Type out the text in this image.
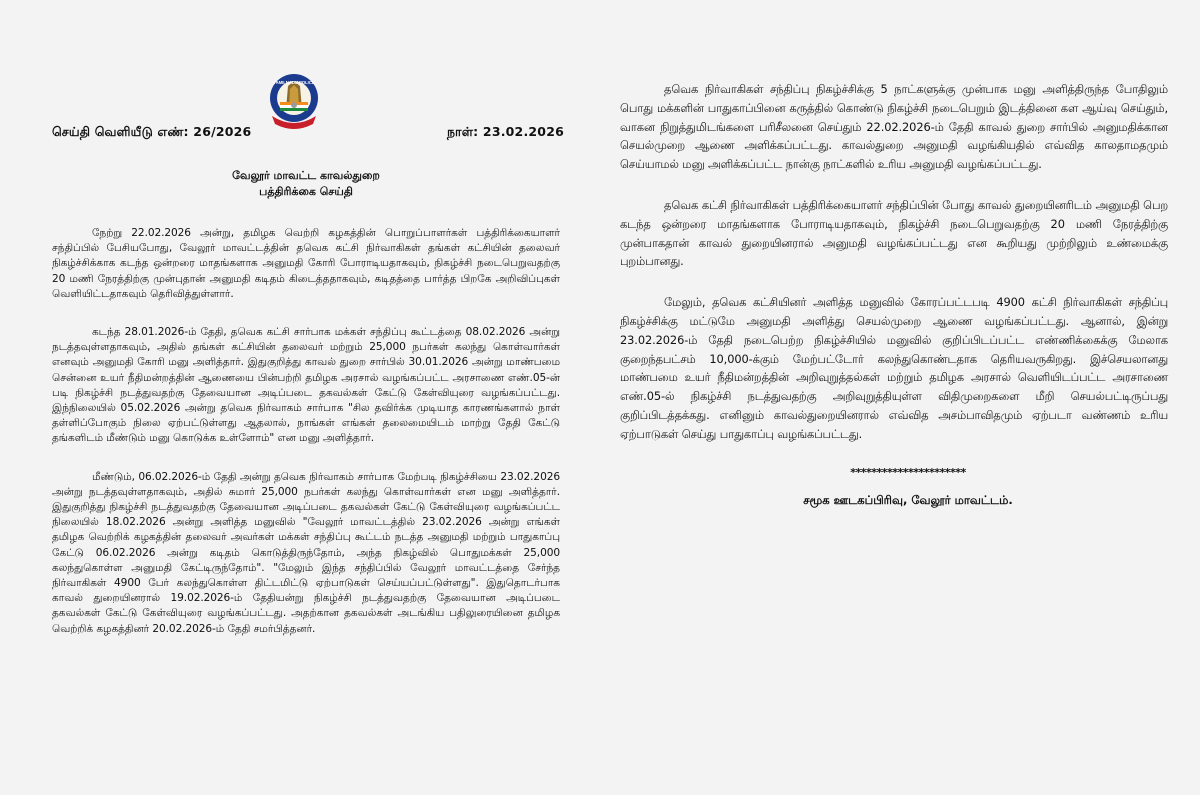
செய்தி வெளியீடு எண்: 26/2026
TAMILNADU POLICE
நாள்: 23.02.2026
வேலூர் மாவட்ட காவல்துறை
பத்திரிக்கை செய்தி

நேற்று 22.02.2026 அன்று, தமிழக வெற்றி கழகத்தின் பொறுப்பாளர்கள் பத்திரிக்கையாளர் சந்திப்பில் பேசியபோது, வேலூர் மாவட்டத்தின் தவெக கட்சி நிர்வாகிகள் தங்கள் கட்சியின் தலைவர் நிகழ்ச்சிக்காக கடந்த ஒன்றரை மாதங்களாக அனுமதி கோரி போராடியதாகவும், நிகழ்ச்சி நடைபெறுவதற்கு 20 மணி நேரத்திற்கு முன்புதான் அனுமதி கடிதம் கிடைத்ததாகவும், கடிதத்தை பார்த்த பிறகே அறிவிப்புகள் வெளியிட்டதாகவும் தெரிவித்துள்ளார்.

கடந்த 28.01.2026-ம் தேதி, தவெக கட்சி சார்பாக மக்கள் சந்திப்பு கூட்டத்தை 08.02.2026 அன்று நடத்தவுள்ளதாகவும், அதில் தங்கள் கட்சியின் தலைவர் மற்றும் 25,000 நபர்கள் கலந்து கொள்வார்கள் எனவும் அனுமதி கோரி மனு அளித்தார். இதுகுறித்து காவல் துறை சார்பில் 30.01.2026 அன்று மாண்பமை சென்னை உயர் நீதிமன்றத்தின் ஆணையை பின்பற்றி தமிழக அரசால் வழங்கப்பட்ட அரசாணை எண்.05-ன் படி நிகழ்ச்சி நடத்துவதற்கு தேவையான அடிப்படை தகவல்கள் கேட்டு கேள்வியுரை வழங்கப்பட்டது. இந்நிலையில் 05.02.2026 அன்று தவெக நிர்வாகம் சார்பாக "சில தவிர்க்க முடியாத காரணங்களால் நாள் தள்ளிப்போகும் நிலை ஏற்பட்டுள்ளது ஆதலால், நாங்கள் எங்கள் தலைமையிடம் மாற்று தேதி கேட்டு தங்களிடம் மீண்டும் மனு கொடுக்க உள்ளோம்" என மனு அளித்தார்.

மீண்டும், 06.02.2026-ம் தேதி அன்று தவெக நிர்வாகம் சார்பாக மேற்படி நிகழ்ச்சியை 23.02.2026 அன்று நடத்தவுள்ளதாகவும், அதில் சுமார் 25,000 நபர்கள் கலந்து கொள்வார்கள் என மனு அளித்தார். இதுகுறித்து நிகழ்ச்சி நடத்துவதற்கு தேவையான அடிப்படை தகவல்கள் கேட்டு கேள்வியுரை வழங்கப்பட்ட நிலையில் 18.02.2026 அன்று அளித்த மனுவில் "வேலூர் மாவட்டத்தில் 23.02.2026 அன்று எங்கள் தமிழக வெற்றிக் கழகத்தின் தலைவர் அவர்கள் மக்கள் சந்திப்பு கூட்டம் நடத்த அனுமதி மற்றும் பாதுகாப்பு கேட்டு 06.02.2026 அன்று கடிதம் கொடுத்திருந்தோம், அந்த நிகழ்வில் பொதுமக்கள் 25,000 கலந்துகொள்ள அனுமதி கேட்டிருந்தோம்". "மேலும் இந்த சந்திப்பில் வேலூர் மாவட்டத்தை சேர்ந்த நிர்வாகிகள் 4900 பேர் கலந்துகொள்ள திட்டமிட்டு ஏற்பாடுகள் செய்யப்பட்டுள்ளது". இதுதொடர்பாக காவல் துறையினரால் 19.02.2026-ம் தேதியன்று நிகழ்ச்சி நடத்துவதற்கு தேவையான அடிப்படை தகவல்கள் கேட்டு கேள்வியுரை வழங்கப்பட்டது. அதற்கான தகவல்கள் அடங்கிய பதிலுரையினை தமிழக வெற்றிக் கழகத்தினர் 20.02.2026-ம் தேதி சமர்பித்தனர்.

தவெக நிர்வாகிகள் சந்திப்பு நிகழ்ச்சிக்கு 5 நாட்களுக்கு முன்பாக மனு அளித்திருந்த போதிலும் பொது மக்களின் பாதுகாப்பினை கருத்தில் கொண்டு நிகழ்ச்சி நடைபெறும் இடத்தினை கள ஆய்வு செய்தும், வாகன நிறுத்துமிடங்களை பரிசீலனை செய்தும் 22.02.2026-ம் தேதி காவல் துறை சார்பில் அனுமதிக்கான செயல்முறை ஆணை அளிக்கப்பட்டது. காவல்துறை அனுமதி வழங்கியதில் எவ்வித காலதாமதமும் செய்யாமல் மனு அளிக்கப்பட்ட நான்கு நாட்களில் உரிய அனுமதி வழங்கப்பட்டது.

தவெக கட்சி நிர்வாகிகள் பத்திரிக்கையாளர் சந்திப்பின் போது காவல் துறையினரிடம் அனுமதி பெற கடந்த ஒன்றரை மாதங்களாக போராடியதாகவும், நிகழ்ச்சி நடைபெறுவதற்கு 20 மணி நேரத்திற்கு முன்பாகதான் காவல் துறையினரால் அனுமதி வழங்கப்பட்டது என கூறியது முற்றிலும் உண்மைக்கு புறம்பானது.

மேலும், தவெக கட்சியினர் அளித்த மனுவில் கோரப்பட்டபடி 4900 கட்சி நிர்வாகிகள் சந்திப்பு நிகழ்ச்சிக்கு மட்டுமே அனுமதி அளித்து செயல்முறை ஆணை வழங்கப்பட்டது. ஆனால், இன்று 23.02.2026-ம் தேதி நடைபெற்ற நிகழ்ச்சியில் மனுவில் குறிப்பிடப்பட்ட எண்ணிக்கைக்கு மேலாக குறைந்தபட்சம் 10,000-க்கும் மேற்பட்டோர் கலந்துகொண்டதாக தெரியவருகிறது. இச்செயலானது மாண்பமை உயர் நீதிமன்றத்தின் அறிவுறுத்தல்கள் மற்றும் தமிழக அரசால் வெளியிடப்பட்ட அரசாணை எண்.05-ல் நிகழ்ச்சி நடத்துவதற்கு அறிவுறுத்தியுள்ள விதிமுறைகளை மீறி செயல்பட்டிருப்பது குறிப்பிடத்தக்கது. எனினும் காவல்துறையினரால் எவ்வித அசம்பாவிதமும் ஏற்படா வண்ணம் உரிய ஏற்பாடுகள் செய்து பாதுகாப்பு வழங்கப்பட்டது.

**********************
சமூக ஊடகப்பிரிவு, வேலூர் மாவட்டம்.
